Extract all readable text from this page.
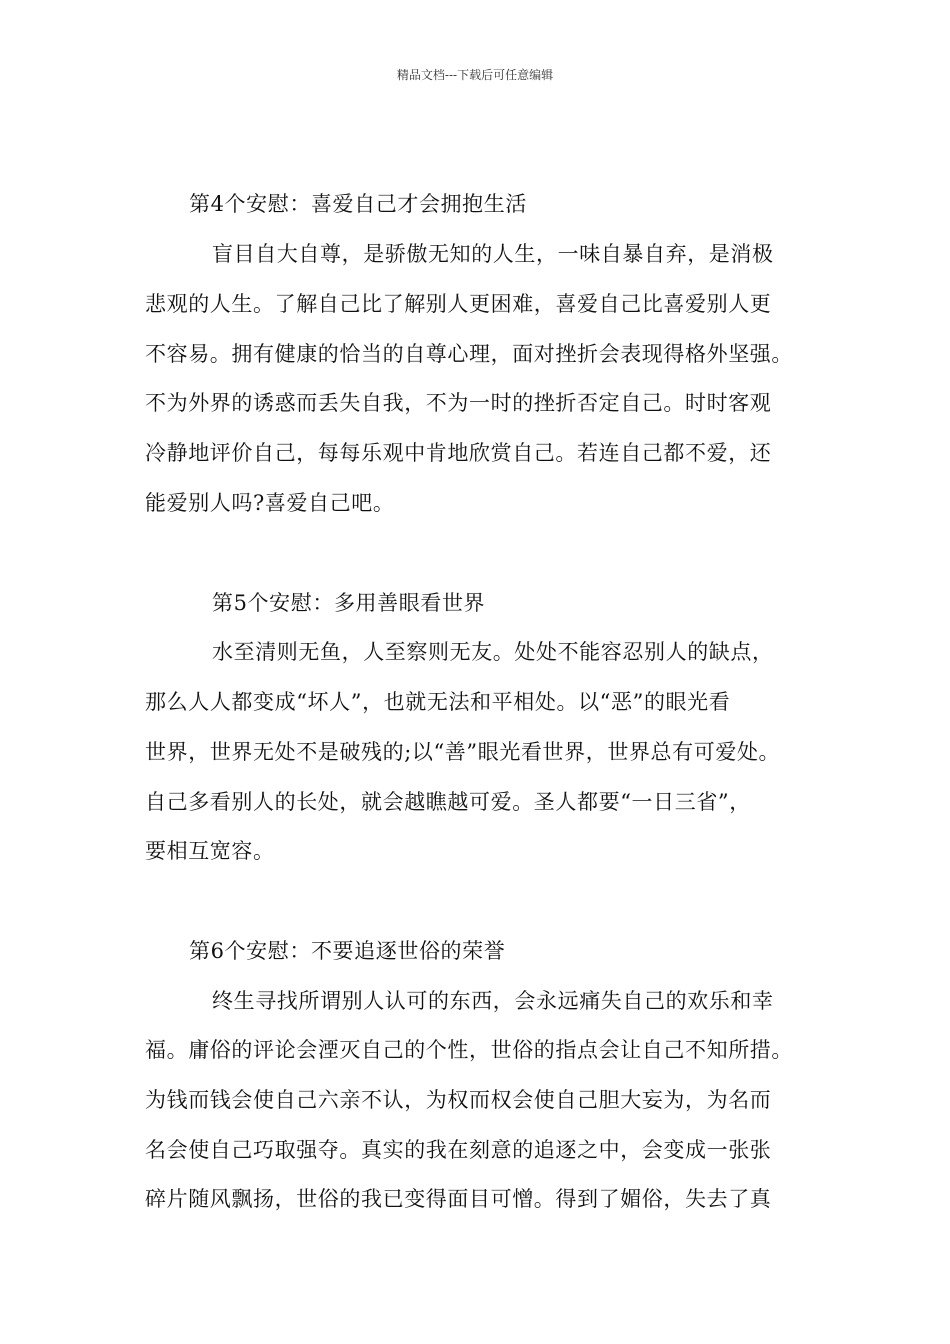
精品文档---下载后可任意编辑
第4个安慰：喜爱自己才会拥抱生活
盲目自大自尊，是骄傲无知的人生，一味自暴自弃，是消极
悲观的人生。了解自己比了解别人更困难，喜爱自己比喜爱别人更
不容易。拥有健康的恰当的自尊心理，面对挫折会表现得格外坚强。
不为外界的诱惑而丢失自我，不为一时的挫折否定自己。时时客观
冷静地评价自己，每每乐观中肯地欣赏自己。若连自己都不爱，还
能爱别人吗?喜爱自己吧。
第5个安慰：多用善眼看世界
水至清则无鱼，人至察则无友。处处不能容忍别人的缺点，
那么人人都变成“坏人”，也就无法和平相处。以“恶”的眼光看
世界，世界无处不是破残的;以“善”眼光看世界，世界总有可爱处。
自己多看别人的长处，就会越瞧越可爱。圣人都要“一日三省”，
要相互宽容。
第6个安慰：不要追逐世俗的荣誉
终生寻找所谓别人认可的东西，会永远痛失自己的欢乐和幸
福。庸俗的评论会湮灭自己的个性，世俗的指点会让自己不知所措。
为钱而钱会使自己六亲不认，为权而权会使自己胆大妄为，为名而
名会使自己巧取强夺。真实的我在刻意的追逐之中，会变成一张张
碎片随风飘扬，世俗的我已变得面目可憎。得到了媚俗，失去了真
